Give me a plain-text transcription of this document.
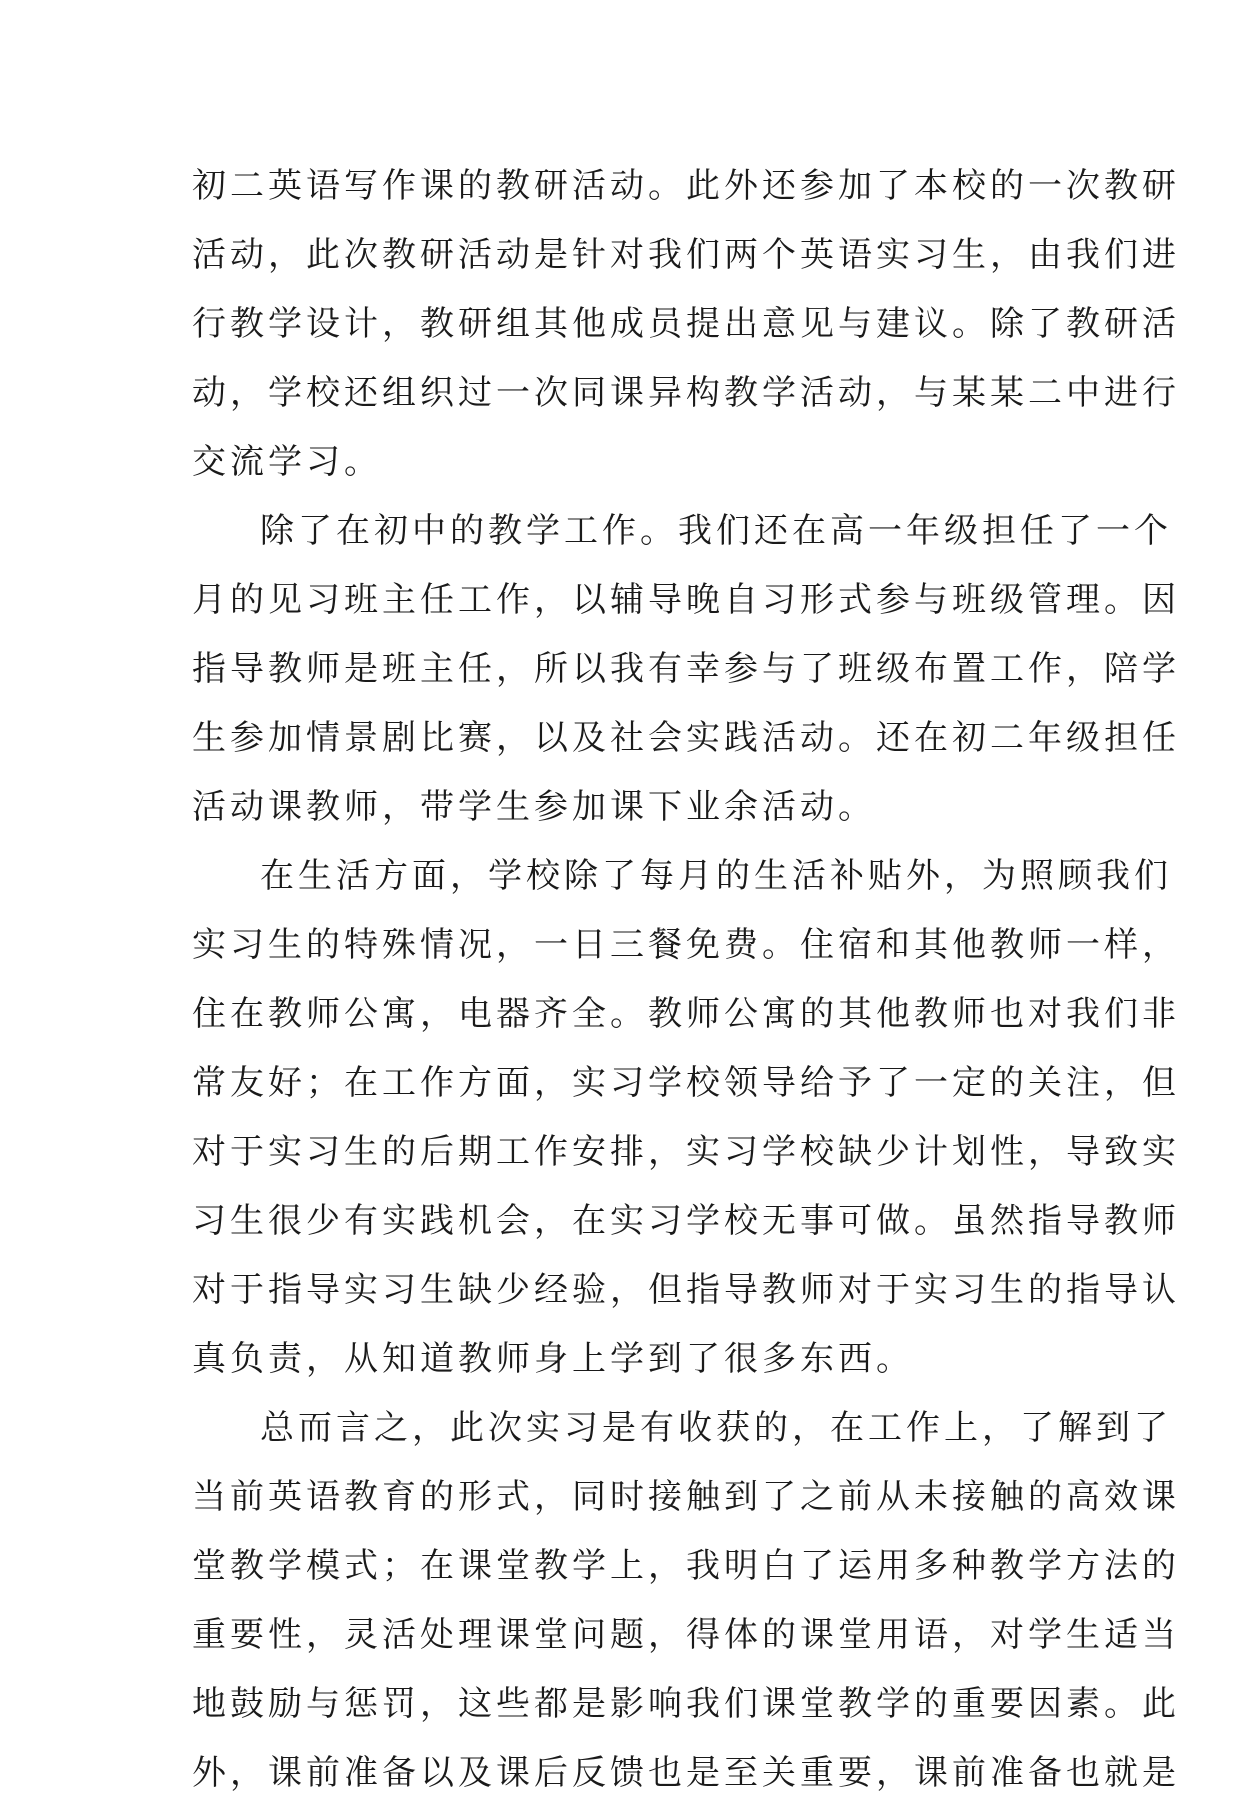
初二英语写作课的教研活动。此外还参加了本校的一次教研
活动，此次教研活动是针对我们两个英语实习生，由我们进
行教学设计，教研组其他成员提出意见与建议。除了教研活
动，学校还组织过一次同课异构教学活动，与某某二中进行
交流学习。
除了在初中的教学工作。我们还在高一年级担任了一个
月的见习班主任工作，以辅导晚自习形式参与班级管理。因
指导教师是班主任，所以我有幸参与了班级布置工作，陪学
生参加情景剧比赛，以及社会实践活动。还在初二年级担任
活动课教师，带学生参加课下业余活动。
在生活方面，学校除了每月的生活补贴外，为照顾我们
实习生的特殊情况，一日三餐免费。住宿和其他教师一样，
住在教师公寓，电器齐全。教师公寓的其他教师也对我们非
常友好；在工作方面，实习学校领导给予了一定的关注，但
对于实习生的后期工作安排，实习学校缺少计划性，导致实
习生很少有实践机会，在实习学校无事可做。虽然指导教师
对于指导实习生缺少经验，但指导教师对于实习生的指导认
真负责，从知道教师身上学到了很多东西。
总而言之，此次实习是有收获的，在工作上，了解到了
当前英语教育的形式，同时接触到了之前从未接触的高效课
堂教学模式；在课堂教学上，我明白了运用多种教学方法的
重要性，灵活处理课堂问题，得体的课堂用语，对学生适当
地鼓励与惩罚，这些都是影响我们课堂教学的重要因素。此
外，课前准备以及课后反馈也是至关重要，课前准备也就是
